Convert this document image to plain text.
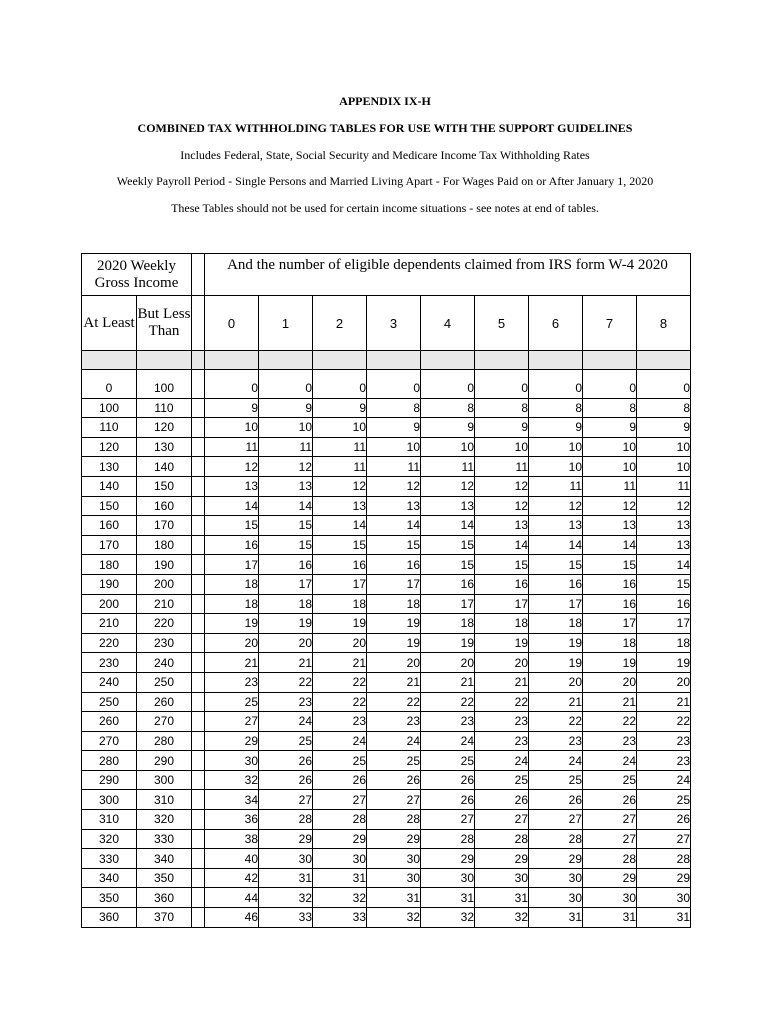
APPENDIX IX-H
COMBINED TAX WITHHOLDING TABLES FOR USE WITH THE SUPPORT GUIDELINES
Includes Federal, State, Social Security and Medicare Income Tax Withholding Rates
Weekly Payroll Period - Single Persons and Married Living Apart - For Wages Paid on or After January 1, 2020
These Tables should not be used for certain income situations - see notes at end of tables.
2020 Weekly Gross Income			And the number of eligible dependents claimed from IRS form W-4 2020								
At Least	But Less Than		0	1	2	3	4	5	6	7	8

0	100		0	0	0	0	0	0	0	0	0
100	110		9	9	9	8	8	8	8	8	8
110	120		10	10	10	9	9	9	9	9	9
120	130		11	11	11	10	10	10	10	10	10
130	140		12	12	11	11	11	11	10	10	10
140	150		13	13	12	12	12	12	11	11	11
150	160		14	14	13	13	13	12	12	12	12
160	170		15	15	14	14	14	13	13	13	13
170	180		16	15	15	15	15	14	14	14	13
180	190		17	16	16	16	15	15	15	15	14
190	200		18	17	17	17	16	16	16	16	15
200	210		18	18	18	18	17	17	17	16	16
210	220		19	19	19	19	18	18	18	17	17
220	230		20	20	20	19	19	19	19	18	18
230	240		21	21	21	20	20	20	19	19	19
240	250		23	22	22	21	21	21	20	20	20
250	260		25	23	22	22	22	22	21	21	21
260	270		27	24	23	23	23	23	22	22	22
270	280		29	25	24	24	24	23	23	23	23
280	290		30	26	25	25	25	24	24	24	23
290	300		32	26	26	26	26	25	25	25	24
300	310		34	27	27	27	26	26	26	26	25
310	320		36	28	28	28	27	27	27	27	26
320	330		38	29	29	29	28	28	28	27	27
330	340		40	30	30	30	29	29	29	28	28
340	350		42	31	31	30	30	30	30	29	29
350	360		44	32	32	31	31	31	30	30	30
360	370		46	33	33	32	32	32	31	31	31
